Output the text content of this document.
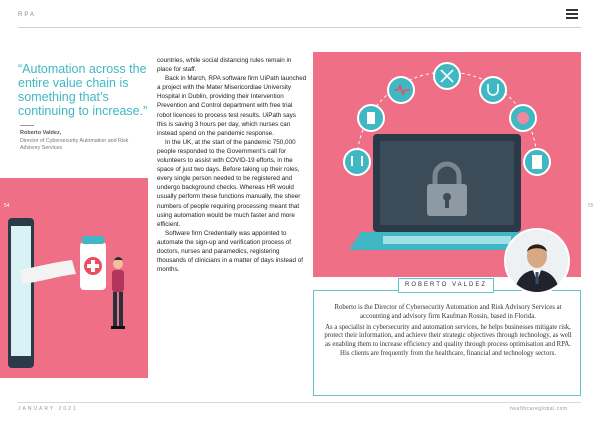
RPA
“Automation across the entire value chain is something that’s continuing to increase.”
Roberto Valdez,
Director of Cybersecurity Automation and Risk Advisory Services
54

countries, while social distancing rules remain in place for staff.

Back in March, RPA software firm UiPath launched a project with the Mater Misericordiae University Hospital in Dublin, providing their Intervention Prevention and Control department with free trial robot licences to process test results. UiPath says this is saving 3 hours per day, which nurses can instead spend on the pandemic response.

In the UK, at the start of the pandemic 750,000 people responded to the Government’s call for volunteers to assist with COVID-19 efforts, in the space of just two days. Before taking up their roles, every single person needed to be registered and undergo background checks. Whereas HR would usually perform these functions manually, the sheer numbers of people requiring processing meant that using automation would be much faster and more efficient.

Software firm Credentially was appointed to automate the sign-up and verification process of doctors, nurses and paramedics, registering thousands of clinicians in a matter of days instead of months.

55

Roberto is the Director of Cybersecurity Automation and Risk Advisory Services at accounting and advisory firm Kaufman Rossin, based in Florida.

As a specialist in cybersecurity and automation services, he helps businesses mitigate risk, protect their information, and achieve their strategic objectives through technology, as well as enabling them to increase efficiency and quality through process optimisation and RPA. His clients are frequently from the healthcare, financial and technology sectors.

ROBERTO VALDEZ
JANUARY 2021	healthcareglobal.com
